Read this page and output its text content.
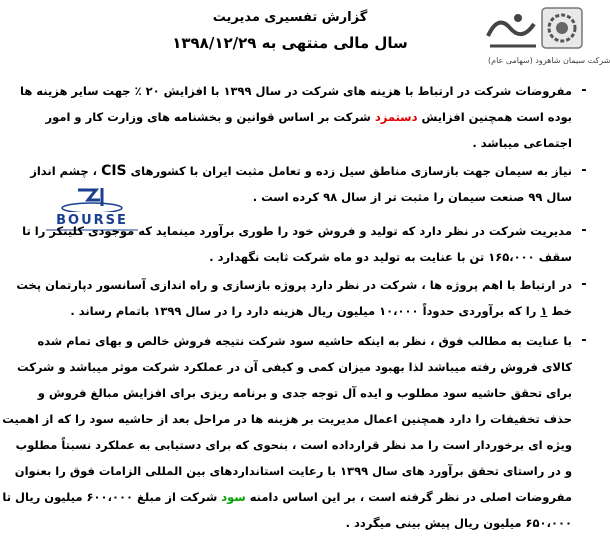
شرکت سیمان شاهرود (سهامی عام)
گزارش تفسیری مدیریت
سال مالی منتهی به ۱۳۹۸/۱۲/۲۹
BOURSE
-
مفروضات شرکت در ارتباط با هزینه های شرکت در سال ۱۳۹۹ با افزایش ۲۰ ٪ جهت سایر هزینه ها
بوده است همچنین افزایش دستمزد شرکت بر اساس قوانین و بخشنامه های وزارت کار و امور
اجتماعی میباشد .
-
نیاز به سیمان جهت بازسازی مناطق سیل زده و تعامل مثبت ایران با کشورهای CIS ، چشم انداز
سال ۹۹ صنعت سیمان را مثبت تر از سال ۹۸ کرده است .
-
مدیریت شرکت در نظر دارد که تولید و فروش خود را طوری برآورد مینماید که موجودی کلینکر را تا
سقف ۱۶۵،۰۰۰ تن با عنایت به تولید دو ماه شرکت ثابت نگهدارد .
-
در ارتباط با اهم پروژه ها ، شرکت در نظر دارد پروژه بازسازی و راه اندازی آسانسور دپارتمان پخت
خط ۱ را که برآوردی حدوداً ۱۰،۰۰۰ میلیون ریال هزینه دارد را در سال ۱۳۹۹ باتمام رساند .
-
با عنایت به مطالب فوق ، نظر به اینکه حاشیه سود شرکت نتیجه فروش خالص و بهای تمام شده
کالای فروش رفته میباشد لذا بهبود میزان کمی و کیفی آن در عملکرد شرکت موثر میباشد و شرکت
برای تحقق حاشیه سود مطلوب و ایده آل توجه جدی و برنامه ریزی برای افزایش مبالغ فروش و
حذف تخفیفات را دارد همچنین اعمال مدیریت بر هزینه ها در مراحل بعد از حاشیه سود را که از اهمیت
ویژه ای برخوردار است را مد نظر قرارداده است ، بنحوی که برای دستیابی به عملکرد نسبتاً مطلوب
و در راستای تحقق برآورد های سال ۱۳۹۹ با رعایت استانداردهای بین المللی الزامات فوق را بعنوان
مفروضات اصلی در نظر گرفته است ، بر این اساس دامنه سود شرکت از مبلغ ۶۰۰،۰۰۰ میلیون ریال تا
۶۵۰،۰۰۰ میلیون ریال پیش بینی میگردد .
